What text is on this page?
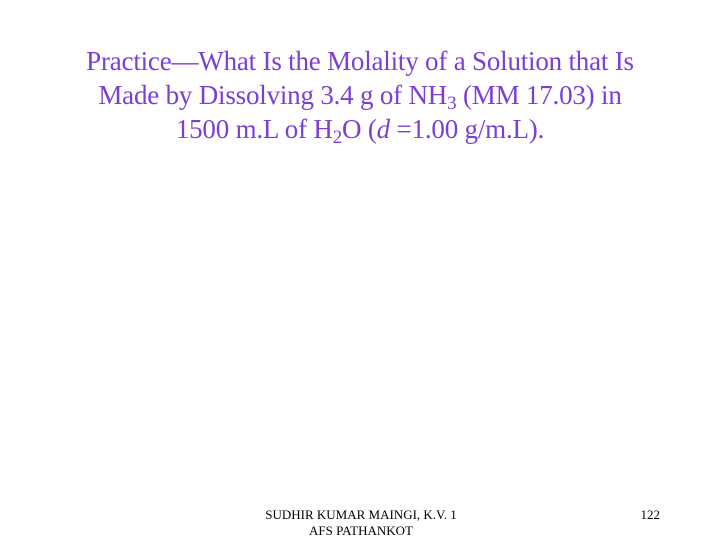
Practice—What Is the Molality of a Solution that Is
Made by Dissolving 3.4 g of $NH_3$ (MM 17.03) in
1500 m.L of $H_2O$ (d =1.00 g/m.L).
SUDHIR KUMAR MAINGI, K.V. 1
AFS PATHANKOT
122
